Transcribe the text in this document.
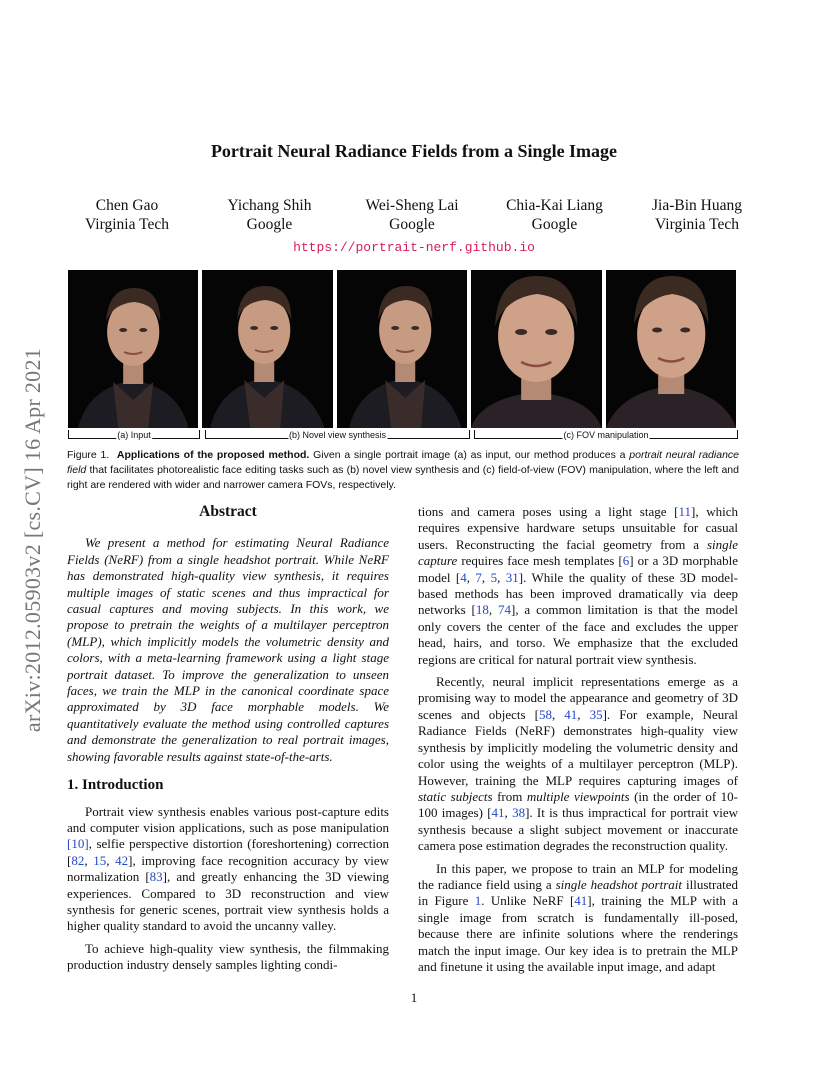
arXiv:2012.05903v2 [cs.CV] 16 Apr 2021
Portrait Neural Radiance Fields from a Single Image
Chen Gao
Virginia Tech
Yichang Shih
Google
Wei-Sheng Lai
Google
Chia-Kai Liang
Google
Jia-Bin Huang
Virginia Tech
https://portrait-nerf.github.io
(a) Input	(b) Novel view synthesis	(c) FOV manipulation
Figure 1. Applications of the proposed method. Given a single portrait image (a) as input, our method produces a portrait neural radiance field that facilitates photorealistic face editing tasks such as (b) novel view synthesis and (c) field-of-view (FOV) manipulation, where the left and right are rendered with wider and narrower camera FOVs, respectively.

Abstract

We present a method for estimating Neural Radiance Fields (NeRF) from a single headshot portrait. While NeRF has demonstrated high-quality view synthesis, it requires multiple images of static scenes and thus impractical for casual captures and moving subjects. In this work, we propose to pretrain the weights of a multilayer perceptron (MLP), which implicitly models the volumetric density and colors, with a meta-learning framework using a light stage portrait dataset. To improve the generalization to unseen faces, we train the MLP in the canonical coordinate space approximated by 3D face morphable models. We quantitatively evaluate the method using controlled captures and demonstrate the generalization to real portrait images, showing favorable results against state-of-the-arts.

1. Introduction

Portrait view synthesis enables various post-capture edits and computer vision applications, such as pose manipulation [10], selfie perspective distortion (foreshortening) correction [82, 15, 42], improving face recognition accuracy by view normalization [83], and greatly enhancing the 3D viewing experiences. Compared to 3D reconstruction and view synthesis for generic scenes, portrait view synthesis holds a higher quality standard to avoid the uncanny valley.

To achieve high-quality view synthesis, the filmmaking production industry densely samples lighting condi-

tions and camera poses using a light stage [11], which requires expensive hardware setups unsuitable for casual users. Reconstructing the facial geometry from a single capture requires face mesh templates [6] or a 3D morphable model [4, 7, 5, 31]. While the quality of these 3D model-based methods has been improved dramatically via deep networks [18, 74], a common limitation is that the model only covers the center of the face and excludes the upper head, hairs, and torso. We emphasize that the excluded regions are critical for natural portrait view synthesis.

Recently, neural implicit representations emerge as a promising way to model the appearance and geometry of 3D scenes and objects [58, 41, 35]. For example, Neural Radiance Fields (NeRF) demonstrates high-quality view synthesis by implicitly modeling the volumetric density and color using the weights of a multilayer perceptron (MLP). However, training the MLP requires capturing images of static subjects from multiple viewpoints (in the order of 10-100 images) [41, 38]. It is thus impractical for portrait view synthesis because a slight subject movement or inaccurate camera pose estimation degrades the reconstruction quality.

In this paper, we propose to train an MLP for modeling the radiance field using a single headshot portrait illustrated in Figure 1. Unlike NeRF [41], training the MLP with a single image from scratch is fundamentally ill-posed, because there are infinite solutions where the renderings match the input image. Our key idea is to pretrain the MLP and finetune it using the available input image, and adapt

1
